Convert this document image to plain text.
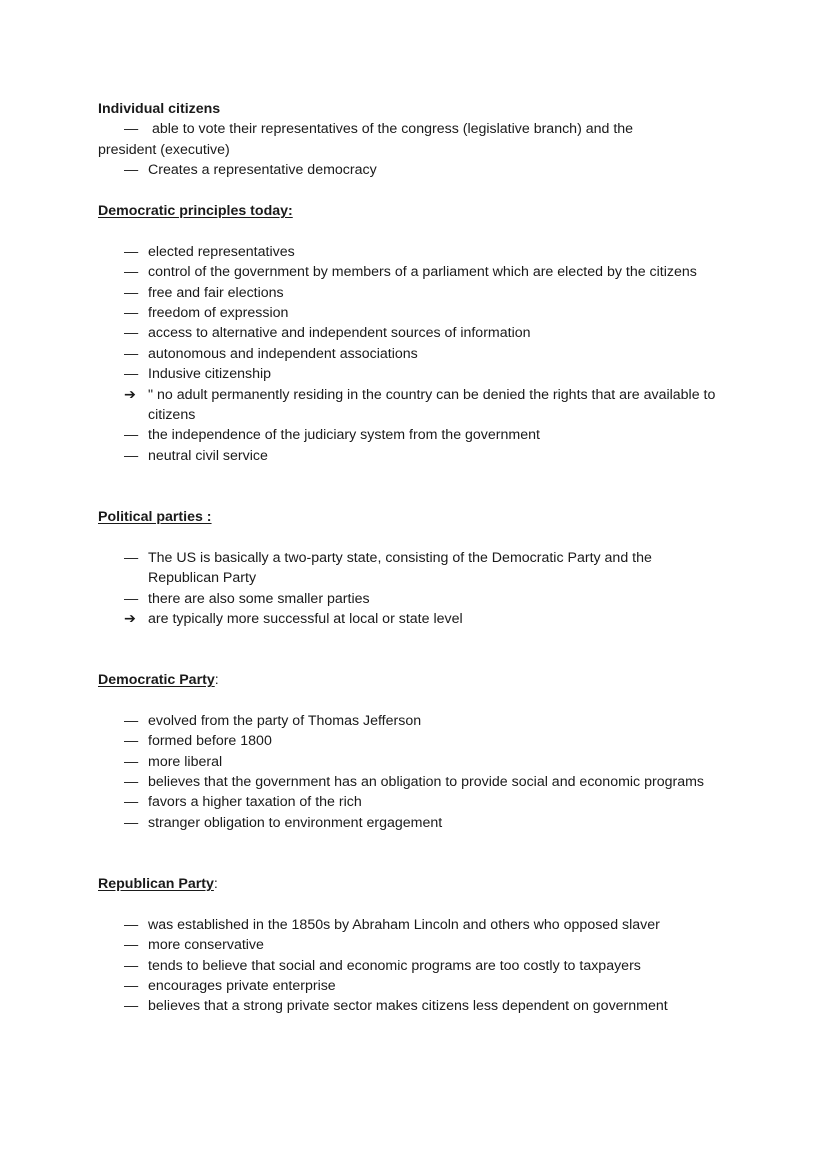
Individual citizens
— able to vote their representatives of the congress (legislative branch) and the
president (executive)
— Creates a representative democracy
Democratic principles today:
— elected representatives
— control of the government by members of a parliament which are elected by the citizens
— free and fair elections
— freedom of expression
— access to alternative and independent sources of information
— autonomous and independent associations
— Indusive citizenship
➔ " no adult permanently residing in the country can be denied the rights that are available to citizens
— the independence of the judiciary system from the government
— neutral civil service
Political parties :
— The US is basically a two-party state, consisting of the Democratic Party and the Republican Party
— there are also some smaller parties
➔ are typically more successful at local or state level
Democratic Party:
— evolved from the party of Thomas Jefferson
— formed before 1800
— more liberal
— believes that the government has an obligation to provide social and economic programs
— favors a higher taxation of the rich
— stranger obligation to environment ergagement
Republican Party:
— was established in the 1850s by Abraham Lincoln and others who opposed slaver
— more conservative
— tends to believe that social and economic programs are too costly to taxpayers
— encourages private enterprise
— believes that a strong private sector makes citizens less dependent on government
